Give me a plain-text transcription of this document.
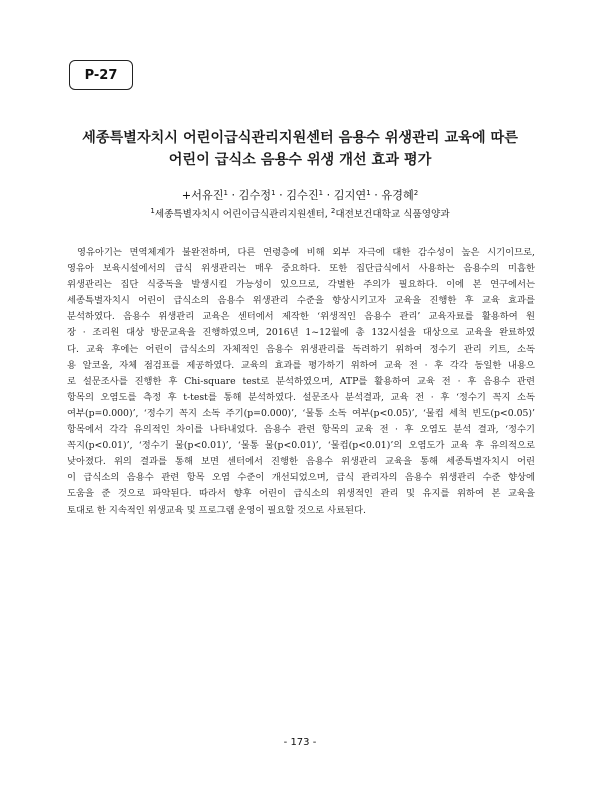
P-27
세종특별자치시 어린이급식관리지원센터 음용수 위생관리 교육에 따른
어린이 급식소 음용수 위생 개선 효과 평가
+서유진$^1$ · 김수정$^1$ · 김수진$^1$ · 김지연$^1$ · 유경혜$^2$
$^1$세종특별자치시 어린이급식관리지원센터, $^2$대전보건대학교 식품영양과
영유아기는 면역체계가 불완전하며, 다른 연령층에 비해 외부 자극에 대한 감수성이 높은 시기이므로,
영유아 보육시설에서의 급식 위생관리는 매우 중요하다. 또한 집단급식에서 사용하는 음용수의 미흡한
위생관리는 집단 식중독을 발생시킬 가능성이 있으므로, 각별한 주의가 필요하다. 이에 본 연구에서는
세종특별자치시 어린이 급식소의 음용수 위생관리 수준을 향상시키고자 교육을 진행한 후 교육 효과를
분석하였다. 음용수 위생관리 교육은 센터에서 제작한 ‘위생적인 음용수 관리’ 교육자료를 활용하여 원
장 · 조리원 대상 방문교육을 진행하였으며, 2016년 1~12월에 총 132시설을 대상으로 교육을 완료하였
다. 교육 후에는 어린이 급식소의 자체적인 음용수 위생관리를 독려하기 위하여 정수기 관리 키트, 소독
용 알코올, 자체 점검표를 제공하였다. 교육의 효과를 평가하기 위하여 교육 전 · 후 각각 동일한 내용으
로 설문조사를 진행한 후 Chi-square test로 분석하였으며, ATP를 활용하여 교육 전 · 후 음용수 관련
항목의 오염도를 측정 후 t-test를 통해 분석하였다. 설문조사 분석결과, 교육 전 · 후 ‘정수기 꼭지 소독
여부(p=0.000)’, ‘정수기 꼭지 소독 주기(p=0.000)’, ‘물통 소독 여부(p<0.05)’, ‘물컵 세척 빈도(p<0.05)’
항목에서 각각 유의적인 차이를 나타내었다. 음용수 관련 항목의 교육 전 · 후 오염도 분석 결과, ‘정수기
꼭지(p<0.01)’, ‘정수기 물(p<0.01)’, ‘물통 물(p<0.01)’, ‘물컵(p<0.01)’의 오염도가 교육 후 유의적으로
낮아졌다. 위의 결과를 통해 보면 센터에서 진행한 음용수 위생관리 교육을 통해 세종특별자치시 어린
이 급식소의 음용수 관련 항목 오염 수준이 개선되었으며, 급식 관리자의 음용수 위생관리 수준 향상에
도움을 준 것으로 파악된다. 따라서 향후 어린이 급식소의 위생적인 관리 및 유지를 위하여 본 교육을
토대로 한 지속적인 위생교육 및 프로그램 운영이 필요할 것으로 사료된다.
- 173 -
